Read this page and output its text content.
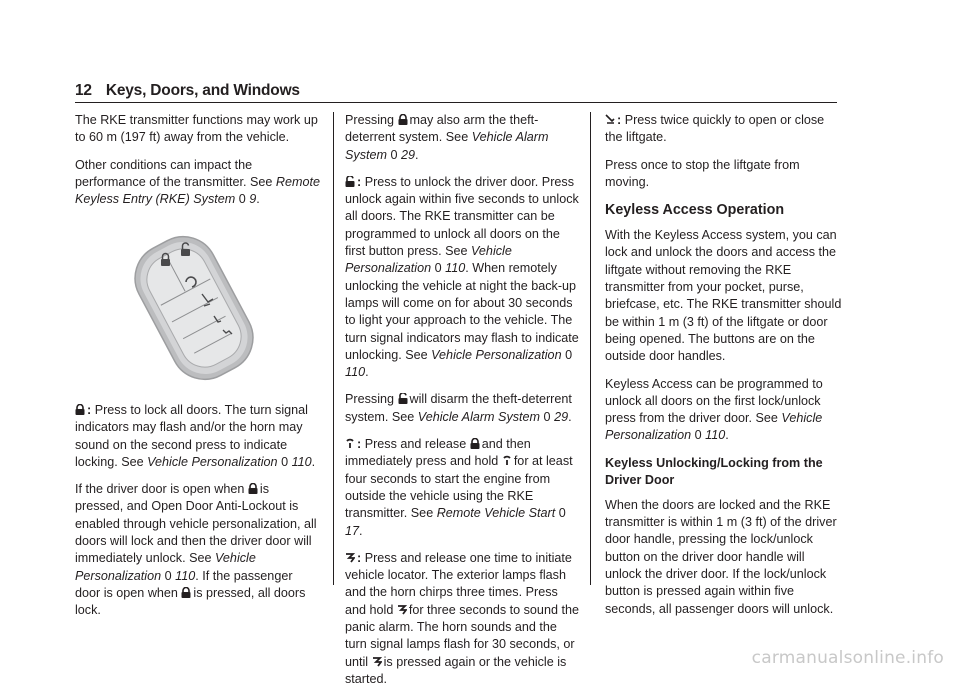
12 Keys, Doors, and Windows

The RKE transmitter functions may work up to 60 m (197 ft) away from the vehicle.

Other conditions can impact the performance of the transmitter. See Remote Keyless Entry (RKE) System 0 9.

: Press to lock all doors. The turn signal indicators may flash and/or the horn may sound on the second press to indicate locking. See Vehicle Personalization 0 110.

If the driver door is open when is pressed, and Open Door Anti-Lockout is enabled through vehicle personalization, all doors will lock and then the driver door will immediately unlock. See Vehicle Personalization 0 110. If the passenger door is open when is pressed, all doors lock.

Pressing may also arm the theft-deterrent system. See Vehicle Alarm System 0 29.

: Press to unlock the driver door. Press unlock again within five seconds to unlock all doors. The RKE transmitter can be programmed to unlock all doors on the first button press. See Vehicle Personalization 0 110. When remotely unlocking the vehicle at night the back-up lamps will come on for about 30 seconds to light your approach to the vehicle. The turn signal indicators may flash to indicate unlocking. See Vehicle Personalization 0 110.

Pressing will disarm the theft-deterrent system. See Vehicle Alarm System 0 29.

: Press and release and then immediately press and hold for at least four seconds to start the engine from outside the vehicle using the RKE transmitter. See Remote Vehicle Start 0 17.

: Press and release one time to initiate vehicle locator. The exterior lamps flash and the horn chirps three times. Press and hold for three seconds to sound the panic alarm. The horn sounds and the turn signal lamps flash for 30 seconds, or until is pressed again or the vehicle is started.

: Press twice quickly to open or close the liftgate.

Press once to stop the liftgate from moving.

Keyless Access Operation

With the Keyless Access system, you can lock and unlock the doors and access the liftgate without removing the RKE transmitter from your pocket, purse, briefcase, etc. The RKE transmitter should be within 1 m (3 ft) of the liftgate or door being opened. The buttons are on the outside door handles.

Keyless Access can be programmed to unlock all doors on the first lock/unlock press from the driver door. See Vehicle Personalization 0 110.

Keyless Unlocking/Locking from the
Driver Door

When the doors are locked and the RKE transmitter is within 1 m (3 ft) of the driver door handle, pressing the lock/unlock button on the driver door handle will unlock the driver door. If the lock/unlock button is pressed again within five seconds, all passenger doors will unlock.

carmanualsonline.info
